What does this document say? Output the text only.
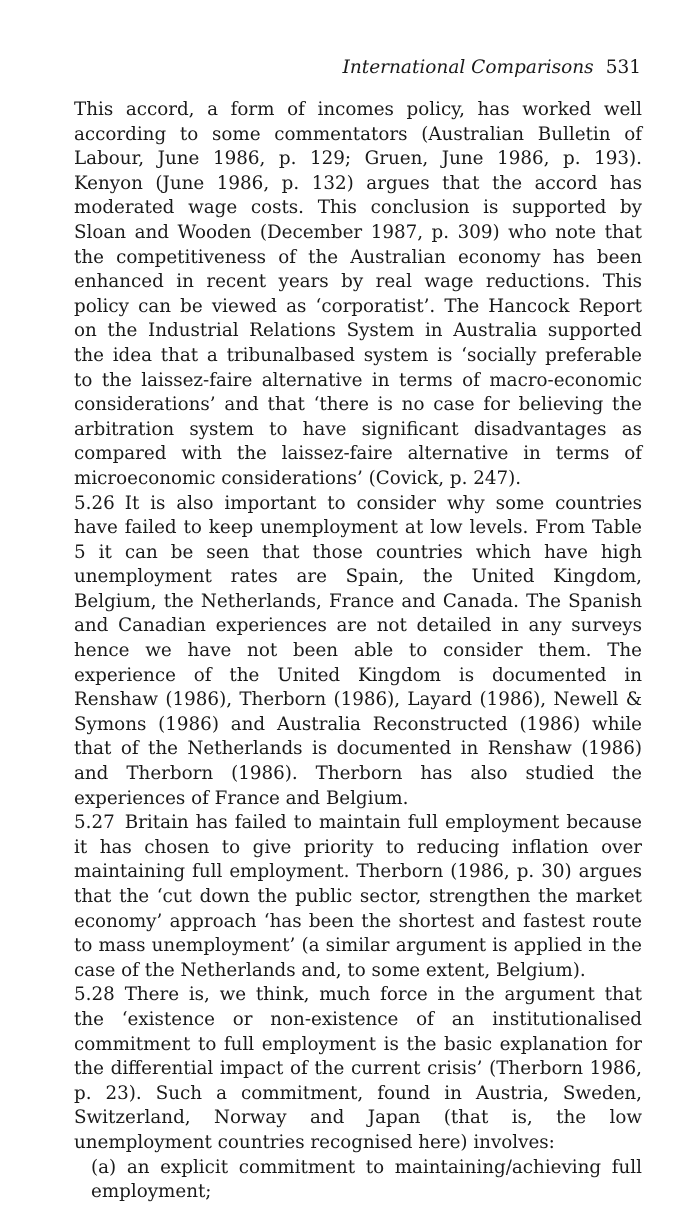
International Comparisons 531

This accord, a form of incomes policy, has worked well according to some commentators (Australian Bulletin of Labour, June 1986, p. 129; Gruen, June 1986, p. 193). Kenyon (June 1986, p. 132) argues that the accord has moderated wage costs. This conclusion is supported by Sloan and Wooden (December 1987, p. 309) who note that the competitiveness of the Australian economy has been enhanced in recent years by real wage reductions. This policy can be viewed as ‘corporatist’. The Hancock Report on the Industrial Relations System in Australia supported the idea that a tribunalbased system is ‘socially preferable to the laissez-faire alternative in terms of macro-economic considerations’ and that ‘there is no case for believing the arbitration system to have significant disadvantages as compared with the laissez-faire alternative in terms of microeconomic considerations’ (Covick, p. 247).

5.26 It is also important to consider why some countries have failed to keep unemployment at low levels. From Table 5 it can be seen that those countries which have high unemployment rates are Spain, the United Kingdom, Belgium, the Netherlands, France and Canada. The Spanish and Canadian experiences are not detailed in any surveys hence we have not been able to consider them. The experience of the United Kingdom is documented in Renshaw (1986), Therborn (1986), Layard (1986), Newell & Symons (1986) and Australia Reconstructed (1986) while that of the Netherlands is documented in Renshaw (1986) and Therborn (1986). Therborn has also studied the experiences of France and Belgium.

5.27 Britain has failed to maintain full employment because it has chosen to give priority to reducing inflation over maintaining full employment. Therborn (1986, p. 30) argues that the ‘cut down the public sector, strengthen the market economy’ approach ‘has been the shortest and fastest route to mass unemployment’ (a similar argument is applied in the case of the Netherlands and, to some extent, Belgium).

5.28 There is, we think, much force in the argument that the ‘existence or non-existence of an institutionalised commitment to full employment is the basic explanation for the differential impact of the current crisis’ (Therborn 1986, p. 23). Such a commitment, found in Austria, Sweden, Switzerland, Norway and Japan (that is, the low unemployment countries recognised here) involves:

(a) an explicit commitment to maintaining/achieving full employment;
